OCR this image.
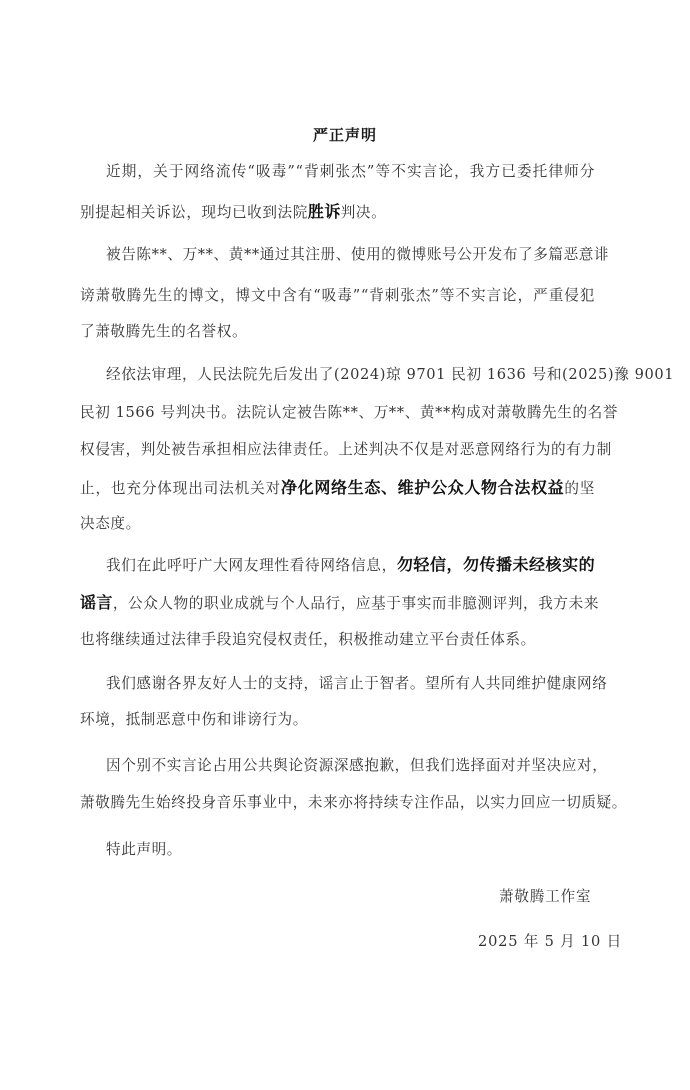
严正声明
近期，关于网络流传“吸毒”“背刺张杰”等不实言论，我方已委托律师分
别提起相关诉讼，现均已收到法院胜诉判决。
被告陈**、万**、黄**通过其注册、使用的微博账号公开发布了多篇恶意诽
谤萧敬腾先生的博文，博文中含有“吸毒”“背刺张杰”等不实言论，严重侵犯
了萧敬腾先生的名誉权。
经依法审理，人民法院先后发出了(2024)琼 9701 民初 1636 号和(2025)豫 9001
民初 1566 号判决书。法院认定被告陈**、万**、黄**构成对萧敬腾先生的名誉
权侵害，判处被告承担相应法律责任。上述判决不仅是对恶意网络行为的有力制
止，也充分体现出司法机关对净化网络生态、维护公众人物合法权益的坚
决态度。
我们在此呼吁广大网友理性看待网络信息，勿轻信，勿传播未经核实的
谣言，公众人物的职业成就与个人品行，应基于事实而非臆测评判，我方未来
也将继续通过法律手段追究侵权责任，积极推动建立平台责任体系。
我们感谢各界友好人士的支持，谣言止于智者。望所有人共同维护健康网络
环境，抵制恶意中伤和诽谤行为。
因个别不实言论占用公共舆论资源深感抱歉，但我们选择面对并坚决应对，
萧敬腾先生始终投身音乐事业中，未来亦将持续专注作品，以实力回应一切质疑。
特此声明。
萧敬腾工作室
2025 年 5 月 10 日
